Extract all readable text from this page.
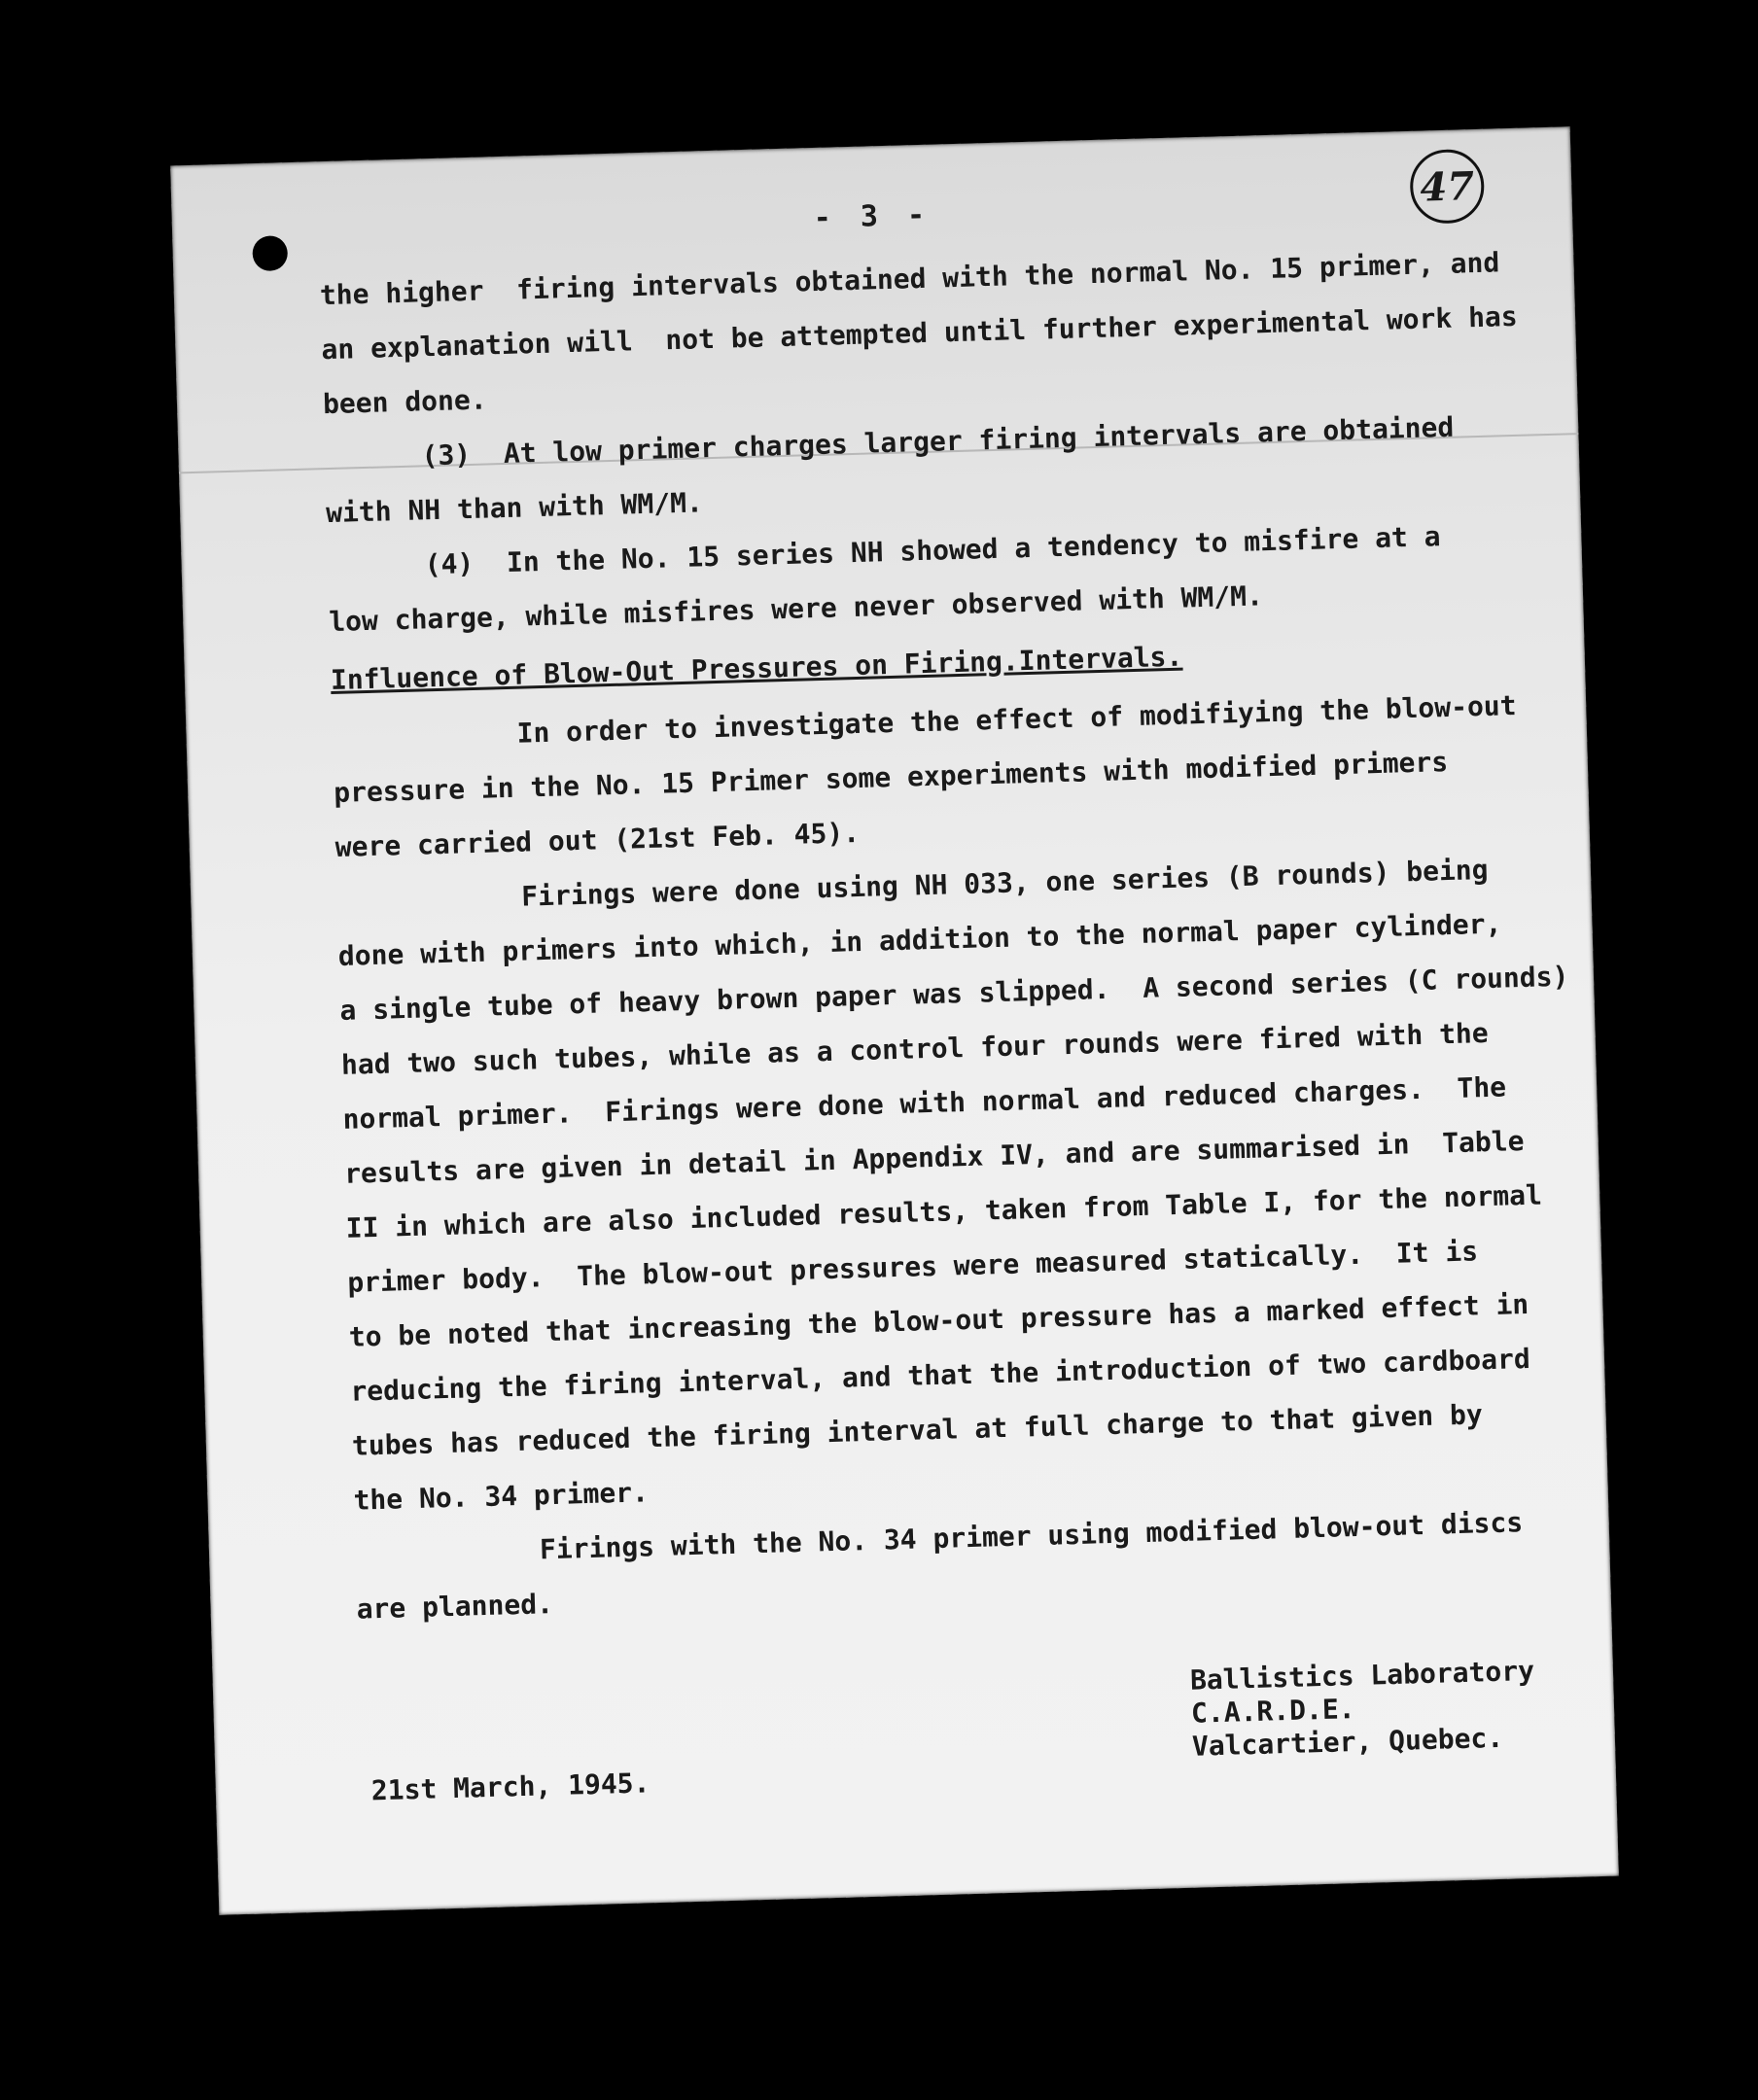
- 3 -
47
the higher  firing intervals obtained with the normal No. 15 primer, and
an explanation will  not be attempted until further experimental work has
been done.
(3)  At low primer charges larger firing intervals are obtained
with NH than with WM/M.
(4)  In the No. 15 series NH showed a tendency to misfire at a
low charge, while misfires were never observed with WM/M.
Influence of Blow-Out Pressures on Firing.Intervals.
In order to investigate the effect of modifiying the blow-out
pressure in the No. 15 Primer some experiments with modified primers
were carried out (21st Feb. 45).
Firings were done using NH 033, one series (B rounds) being
done with primers into which, in addition to the normal paper cylinder,
a single tube of heavy brown paper was slipped.  A second series (C rounds)
had two such tubes, while as a control four rounds were fired with the
normal primer.  Firings were done with normal and reduced charges.  The
results are given in detail in Appendix IV, and are summarised in  Table
II in which are also included results, taken from Table I, for the normal
primer body.  The blow-out pressures were measured statically.  It is
to be noted that increasing the blow-out pressure has a marked effect in
reducing the firing interval, and that the introduction of two cardboard
tubes has reduced the firing interval at full charge to that given by
the No. 34 primer.
Firings with the No. 34 primer using modified blow-out discs
are planned.
Ballistics Laboratory
C.A.R.D.E.
Valcartier, Quebec.
21st March, 1945.
